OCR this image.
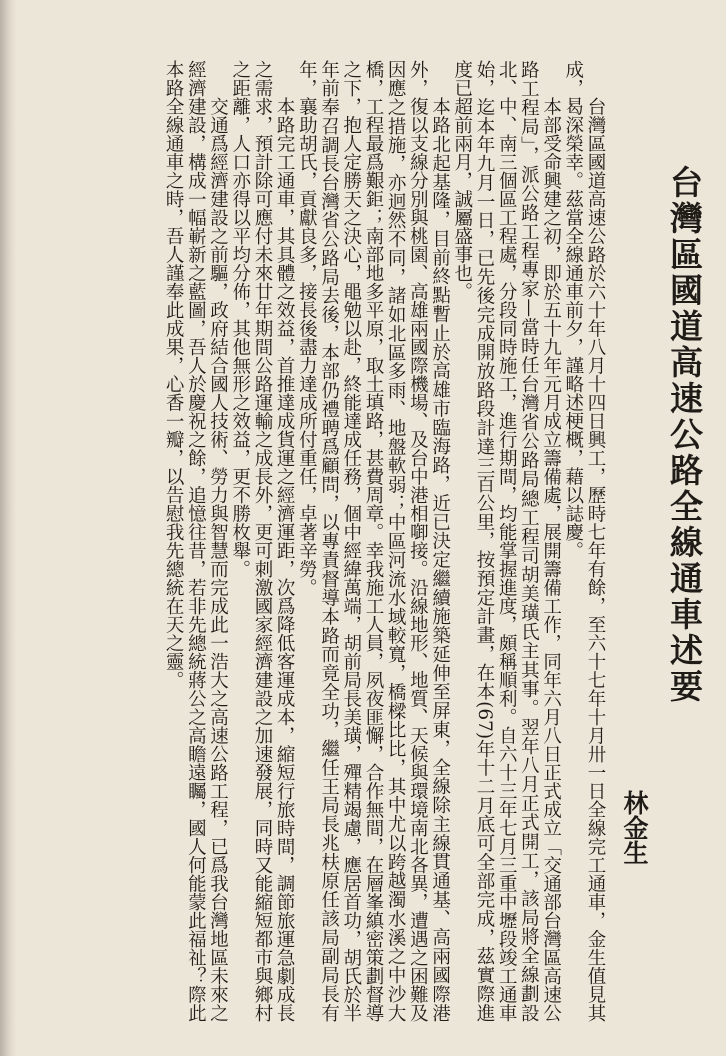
台灣區國道高速公路全線通車述要
林金生

台灣區國道高速公路於六十年八月十四日興工，歷時七年有餘，至六十七年十月卅一日全線完工通車，金生值見其成，曷深榮幸。茲當全線通車前夕，謹略述梗概，藉以誌慶。

本部受命興建之初，即於五十九年元月成立籌備處，展開籌備工作，同年六月八日正式成立「交通部台灣區高速公路工程局」，派公路工程專家—當時任台灣省公路局總工程司胡美璜氏主其事。翌年八月正式開工，該局將全線劃設北、中、南三個區工程處，分段同時施工，進行期間，均能掌握進度，頗稱順利。自六十三年七月三重中壢段竣工通車始，迄本年九月一日，已先後完成開放路段計達三百公里，按預定計畫，在本(67)年十二月底可全部完成，茲實際進度已超前兩月，誠屬盛事也。

本路北起基隆，目前終點暫止於高雄市臨海路，近已決定繼續施築延伸至屏東，全線除主線貫通基、高兩國際港外，復以支線分別與桃園、高雄兩國際機場、及台中港相啣接。沿線地形、地質、天候與環境南北各異，遭遇之困難及因應之措施，亦迥然不同，諸如北區多雨、地盤軟弱；中區河流水域較寬，橋樑比比，其中尤以跨越濁水溪之中沙大橋，工程最爲艱鉅；南部地多平原，取土填路，甚費周章。幸我施工人員，夙夜匪懈，合作無間，在層峯縝密策劃督導之下，抱人定勝天之決心，黽勉以赴，終能達成任務，個中經緯萬端，胡前局長美璜，殫精竭慮，應居首功，胡氏於半年前奉召調長台灣省公路局去後，本部仍禮聘爲顧問，以專責督導本路而竟全功，繼任王局長兆枎原任該局副局長有年，襄助胡氏，貢獻良多，接長後盡力達成所付重任，卓著辛勞。

本路完工通車，其具體之效益，首推達成貨運之經濟運距，次爲降低客運成本，縮短行旅時間，調節旅運急劇成長之需求，預計除可應付未來廿年期間公路運輸之成長外，更可刺激國家經濟建設之加速發展，同時又能縮短都市與鄉村之距離，人口亦得以平均分佈，其他無形之效益，更不勝枚舉。

交通爲經濟建設之前驅，政府結合國人技術、勞力與智慧而完成此一浩大之高速公路工程，已爲我台灣地區未來之經濟建設，構成一幅嶄新之藍圖，吾人於慶祝之餘，追憶往昔，若非先總統蔣公之高瞻遠矚，國人何能蒙此福祉？際此本路全線通車之時，吾人謹奉此成果，心香一瓣，以告慰我先總統在天之靈。
